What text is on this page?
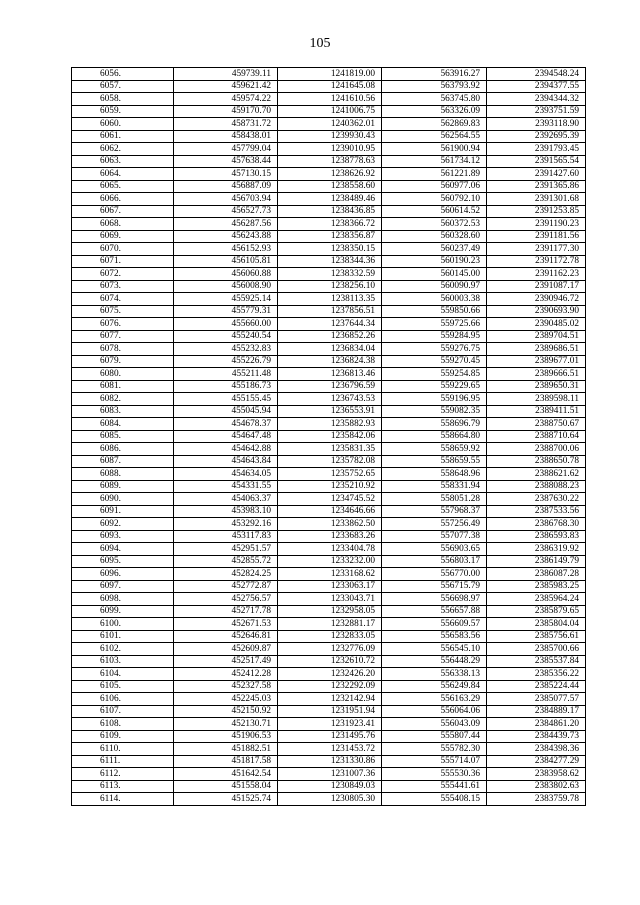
105
6056.	459739.11	1241819.00	563916.27	2394548.24
6057.	459621.42	1241645.08	563793.92	2394377.55
6058.	459574.22	1241610.56	563745.80	2394344.32
6059.	459170.70	1241006.75	563326.09	2393751.59
6060.	458731.72	1240362.01	562869.83	2393118.90
6061.	458438.01	1239930.43	562564.55	2392695.39
6062.	457799.04	1239010.95	561900.94	2391793.45
6063.	457638.44	1238778.63	561734.12	2391565.54
6064.	457130.15	1238626.92	561221.89	2391427.60
6065.	456887.09	1238558.60	560977.06	2391365.86
6066.	456703.94	1238489.46	560792.10	2391301.68
6067.	456527.73	1238436.85	560614.52	2391253.85
6068.	456287.56	1238366.72	560372.53	2391190.23
6069.	456243.88	1238356.87	560328.60	2391181.56
6070.	456152.93	1238350.15	560237.49	2391177.30
6071.	456105.81	1238344.36	560190.23	2391172.78
6072.	456060.88	1238332.59	560145.00	2391162.23
6073.	456008.90	1238256.10	560090.97	2391087.17
6074.	455925.14	1238113.35	560003.38	2390946.72
6075.	455779.31	1237856.51	559850.66	2390693.90
6076.	455660.00	1237644.34	559725.66	2390485.02
6077.	455240.54	1236852.26	559284.95	2389704.51
6078.	455232.83	1236834.04	559276.75	2389686.51
6079.	455226.79	1236824.38	559270.45	2389677.01
6080.	455211.48	1236813.46	559254.85	2389666.51
6081.	455186.73	1236796.59	559229.65	2389650.31
6082.	455155.45	1236743.53	559196.95	2389598.11
6083.	455045.94	1236553.91	559082.35	2389411.51
6084.	454678.37	1235882.93	558696.79	2388750.67
6085.	454647.48	1235842.06	558664.80	2388710.64
6086.	454642.88	1235831.35	558659.92	2388700.06
6087.	454643.84	1235782.08	558659.55	2388650.78
6088.	454634.05	1235752.65	558648.96	2388621.62
6089.	454331.55	1235210.92	558331.94	2388088.23
6090.	454063.37	1234745.52	558051.28	2387630.22
6091.	453983.10	1234646.66	557968.37	2387533.56
6092.	453292.16	1233862.50	557256.49	2386768.30
6093.	453117.83	1233683.26	557077.38	2386593.83
6094.	452951.57	1233404.78	556903.65	2386319.92
6095.	452855.72	1233232.00	556803.17	2386149.79
6096.	452824.25	1233168.62	556770.00	2386087.28
6097.	452772.87	1233063.17	556715.79	2385983.25
6098.	452756.57	1233043.71	556698.97	2385964.24
6099.	452717.78	1232958.05	556657.88	2385879.65
6100.	452671.53	1232881.17	556609.57	2385804.04
6101.	452646.81	1232833.05	556583.56	2385756.61
6102.	452609.87	1232776.09	556545.10	2385700.66
6103.	452517.49	1232610.72	556448.29	2385537.84
6104.	452412.28	1232426.20	556338.13	2385356.22
6105.	452327.58	1232292.09	556249.84	2385224.44
6106.	452245.03	1232142.94	556163.29	2385077.57
6107.	452150.92	1231951.94	556064.06	2384889.17
6108.	452130.71	1231923.41	556043.09	2384861.20
6109.	451906.53	1231495.76	555807.44	2384439.73
6110.	451882.51	1231453.72	555782.30	2384398.36
6111.	451817.58	1231330.86	555714.07	2384277.29
6112.	451642.54	1231007.36	555530.36	2383958.62
6113.	451558.04	1230849.03	555441.61	2383802.63
6114.	451525.74	1230805.30	555408.15	2383759.78
